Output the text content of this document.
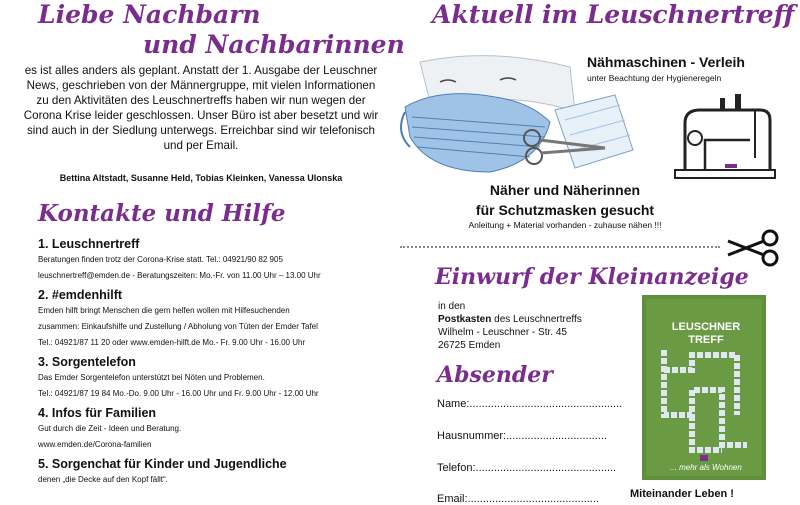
Liebe Nachbarn
und Nachbarinnen
es ist alles anders als geplant. Anstatt der 1. Ausgabe der Leuschner News, geschrieben von der Männergruppe, mit vielen Informationen zu den Aktivitäten des Leuschnertreffs haben wir nun wegen der Corona Krise leider geschlossen. Unser Büro ist aber besetzt und wir sind auch in der Siedlung unterwegs. Erreichbar sind wir telefonisch und per Email.
Bettina Altstadt, Susanne Held, Tobias Kleinken, Vanessa Ulonska
Kontakte und Hilfe

1. Leuschnertreff

Beratungen finden trotz der Corona-Krise statt. Tel.: 04921/90 82 905

leuschnertreff@emden.de - Beratungszeiten: Mo.-Fr. von 11.00 Uhr – 13.00 Uhr

2. #emdenhilft

Emden hilft bringt Menschen die gern helfen wollen mit Hilfesuchenden

zusammen: Einkaufshilfe und Zustellung / Abholung von Tüten der Emder Tafel

Tel.: 04921/87 11 20 oder www.emden-hilft.de Mo.- Fr. 9.00 Uhr - 16.00 Uhr

3. Sorgentelefon

Das Emder Sorgentelefon unterstützt bei Nöten und Problemen.

Tel.: 04921/87 19 84 Mo.-Do. 9.00 Uhr - 16.00 Uhr und Fr. 9.00 Uhr - 12.00 Uhr

4. Infos für Familien

Gut durch die Zeit - Ideen und Beratung.

www.emden.de/Corona-familien

5. Sorgenchat für Kinder und Jugendliche

denen „die Decke auf den Kopf fällt“.

Aktuell im Leuschnertreff
Nähmaschinen - Verleih
unter Beachtung der Hygieneregeln
Näher und Näherinnen
für Schutzmasken gesucht
Anleitung + Material vorhanden - zuhause nähen !!!
Einwurf der Kleinanzeige
in den
Postkasten des Leuschnertreffs
Wilhelm - Leuschner - Str. 45
26725 Emden
Absender
Name:..................................................
Hausnummer:.................................
Telefon:..............................................
Email:...........................................
LEUSCHNER
TREFF
... mehr als Wohnen
Miteinander Leben !
